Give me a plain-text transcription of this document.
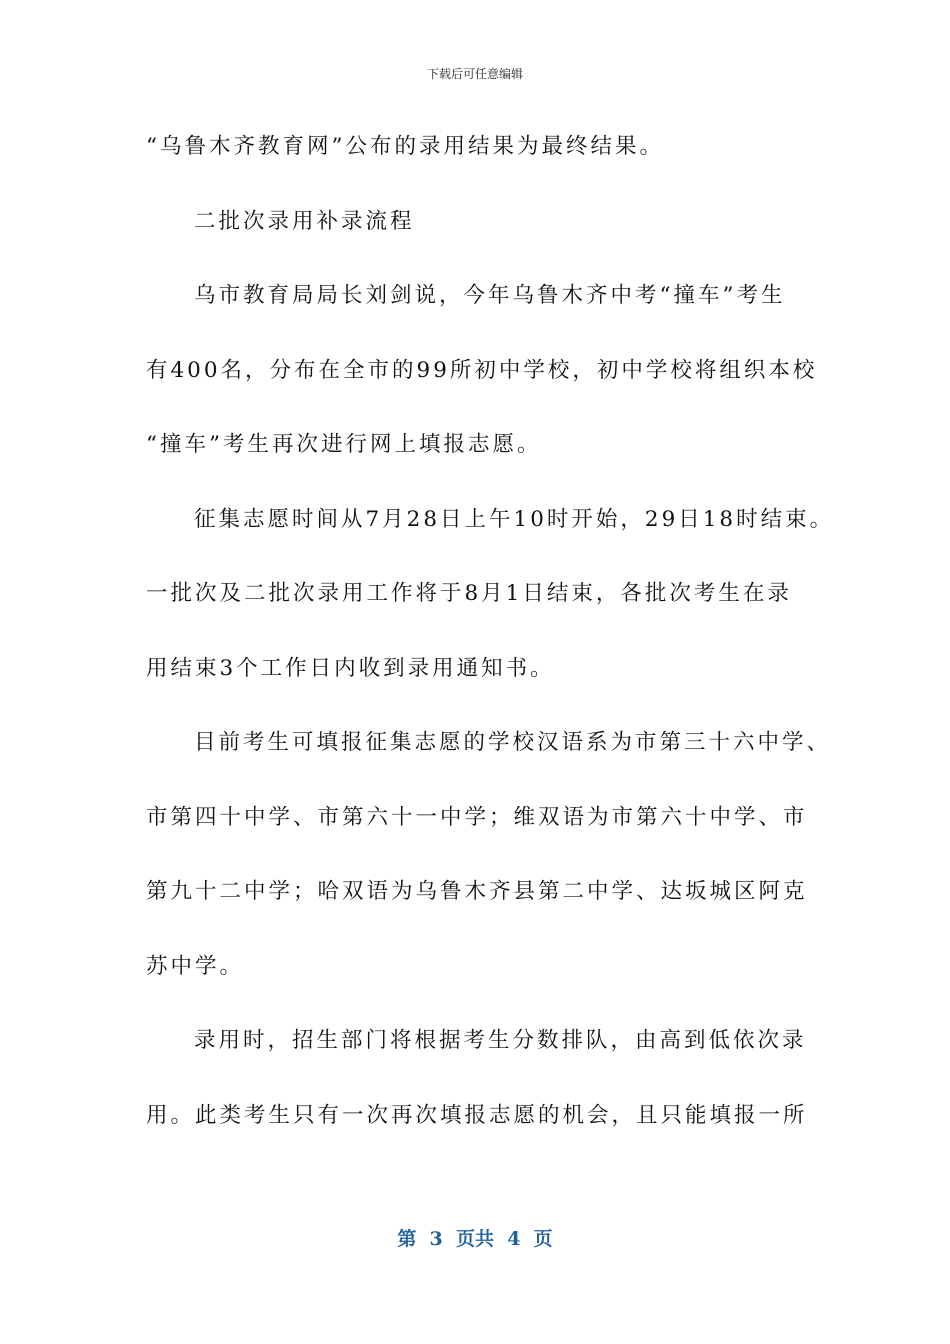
下载后可任意编辑
“乌鲁木齐教育网”公布的录用结果为最终结果。
二批次录用补录流程
乌市教育局局长刘剑说，今年乌鲁木齐中考“撞车”考生
有400名，分布在全市的99所初中学校，初中学校将组织本校
“撞车”考生再次进行网上填报志愿。
征集志愿时间从7月28日上午10时开始，29日18时结束。
一批次及二批次录用工作将于8月1日结束，各批次考生在录
用结束3个工作日内收到录用通知书。
目前考生可填报征集志愿的学校汉语系为市第三十六中学、
市第四十中学、市第六十一中学；维双语为市第六十中学、市
第九十二中学；哈双语为乌鲁木齐县第二中学、达坂城区阿克
苏中学。
录用时，招生部门将根据考生分数排队，由高到低依次录
用。此类考生只有一次再次填报志愿的机会，且只能填报一所
第  3  页共  4  页
